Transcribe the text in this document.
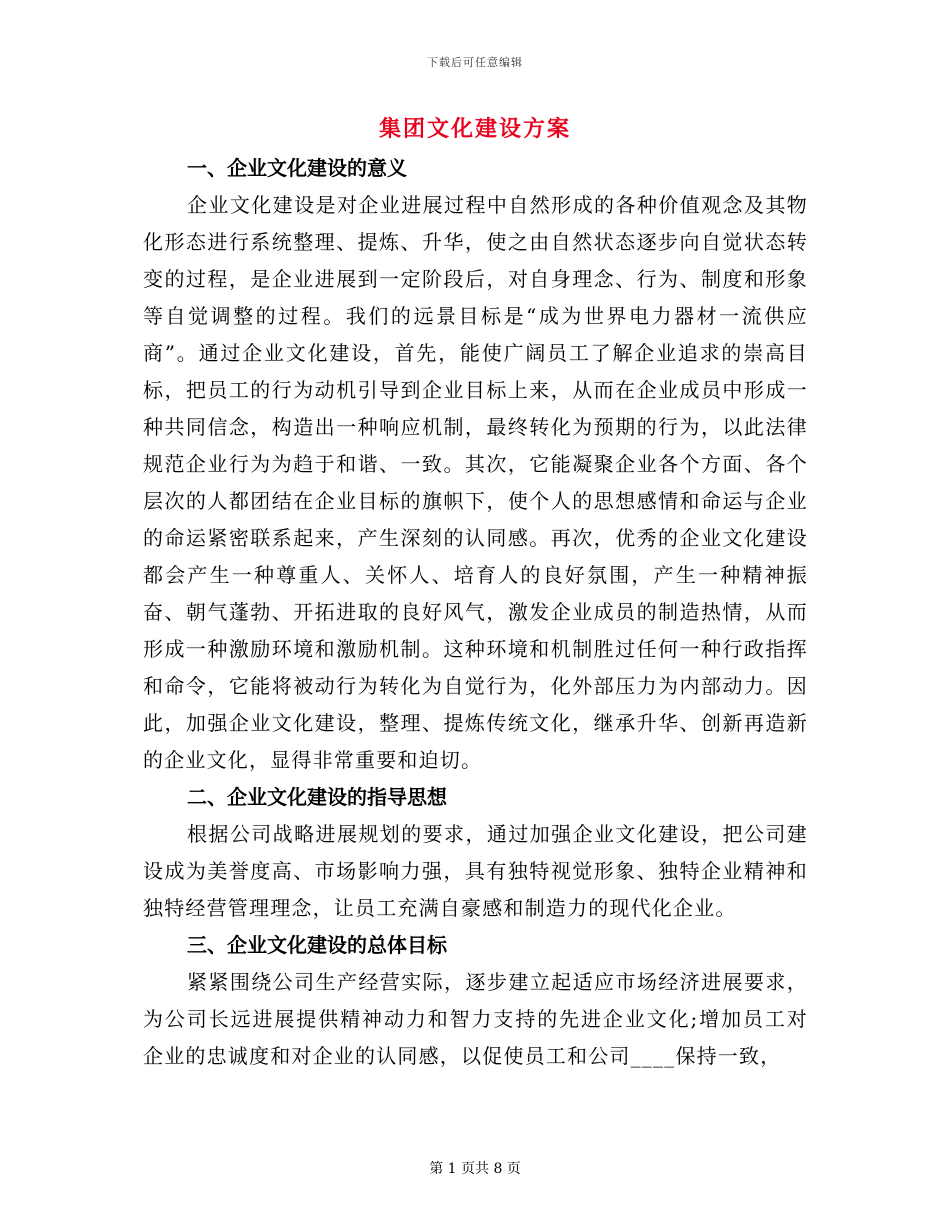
下载后可任意编辑
集团文化建设方案
一、企业文化建设的意义

企业文化建设是对企业进展过程中自然形成的各种价值观念及其物化形态进行系统整理、提炼、升华，使之由自然状态逐步向自觉状态转变的过程，是企业进展到一定阶段后，对自身理念、行为、制度和形象等自觉调整的过程。我们的远景目标是“成为世界电力器材一流供应商”。通过企业文化建设，首先，能使广阔员工了解企业追求的崇高目标，把员工的行为动机引导到企业目标上来，从而在企业成员中形成一种共同信念，构造出一种响应机制，最终转化为预期的行为，以此法律规范企业行为为趋于和谐、一致。其次，它能凝聚企业各个方面、各个层次的人都团结在企业目标的旗帜下，使个人的思想感情和命运与企业的命运紧密联系起来，产生深刻的认同感。再次，优秀的企业文化建设都会产生一种尊重人、关怀人、培育人的良好氛围，产生一种精神振奋、朝气蓬勃、开拓进取的良好风气，激发企业成员的制造热情，从而形成一种激励环境和激励机制。这种环境和机制胜过任何一种行政指挥和命令，它能将被动行为转化为自觉行为，化外部压力为内部动力。因此，加强企业文化建设，整理、提炼传统文化，继承升华、创新再造新的企业文化，显得非常重要和迫切。

二、企业文化建设的指导思想

根据公司战略进展规划的要求，通过加强企业文化建设，把公司建设成为美誉度高、市场影响力强，具有独特视觉形象、独特企业精神和独特经营管理理念，让员工充满自豪感和制造力的现代化企业。

三、企业文化建设的总体目标

紧紧围绕公司生产经营实际，逐步建立起适应市场经济进展要求，为公司长远进展提供精神动力和智力支持的先进企业文化;增加员工对企业的忠诚度和对企业的认同感，以促使员工和公司____保持一致，

第 1 页共 8 页
